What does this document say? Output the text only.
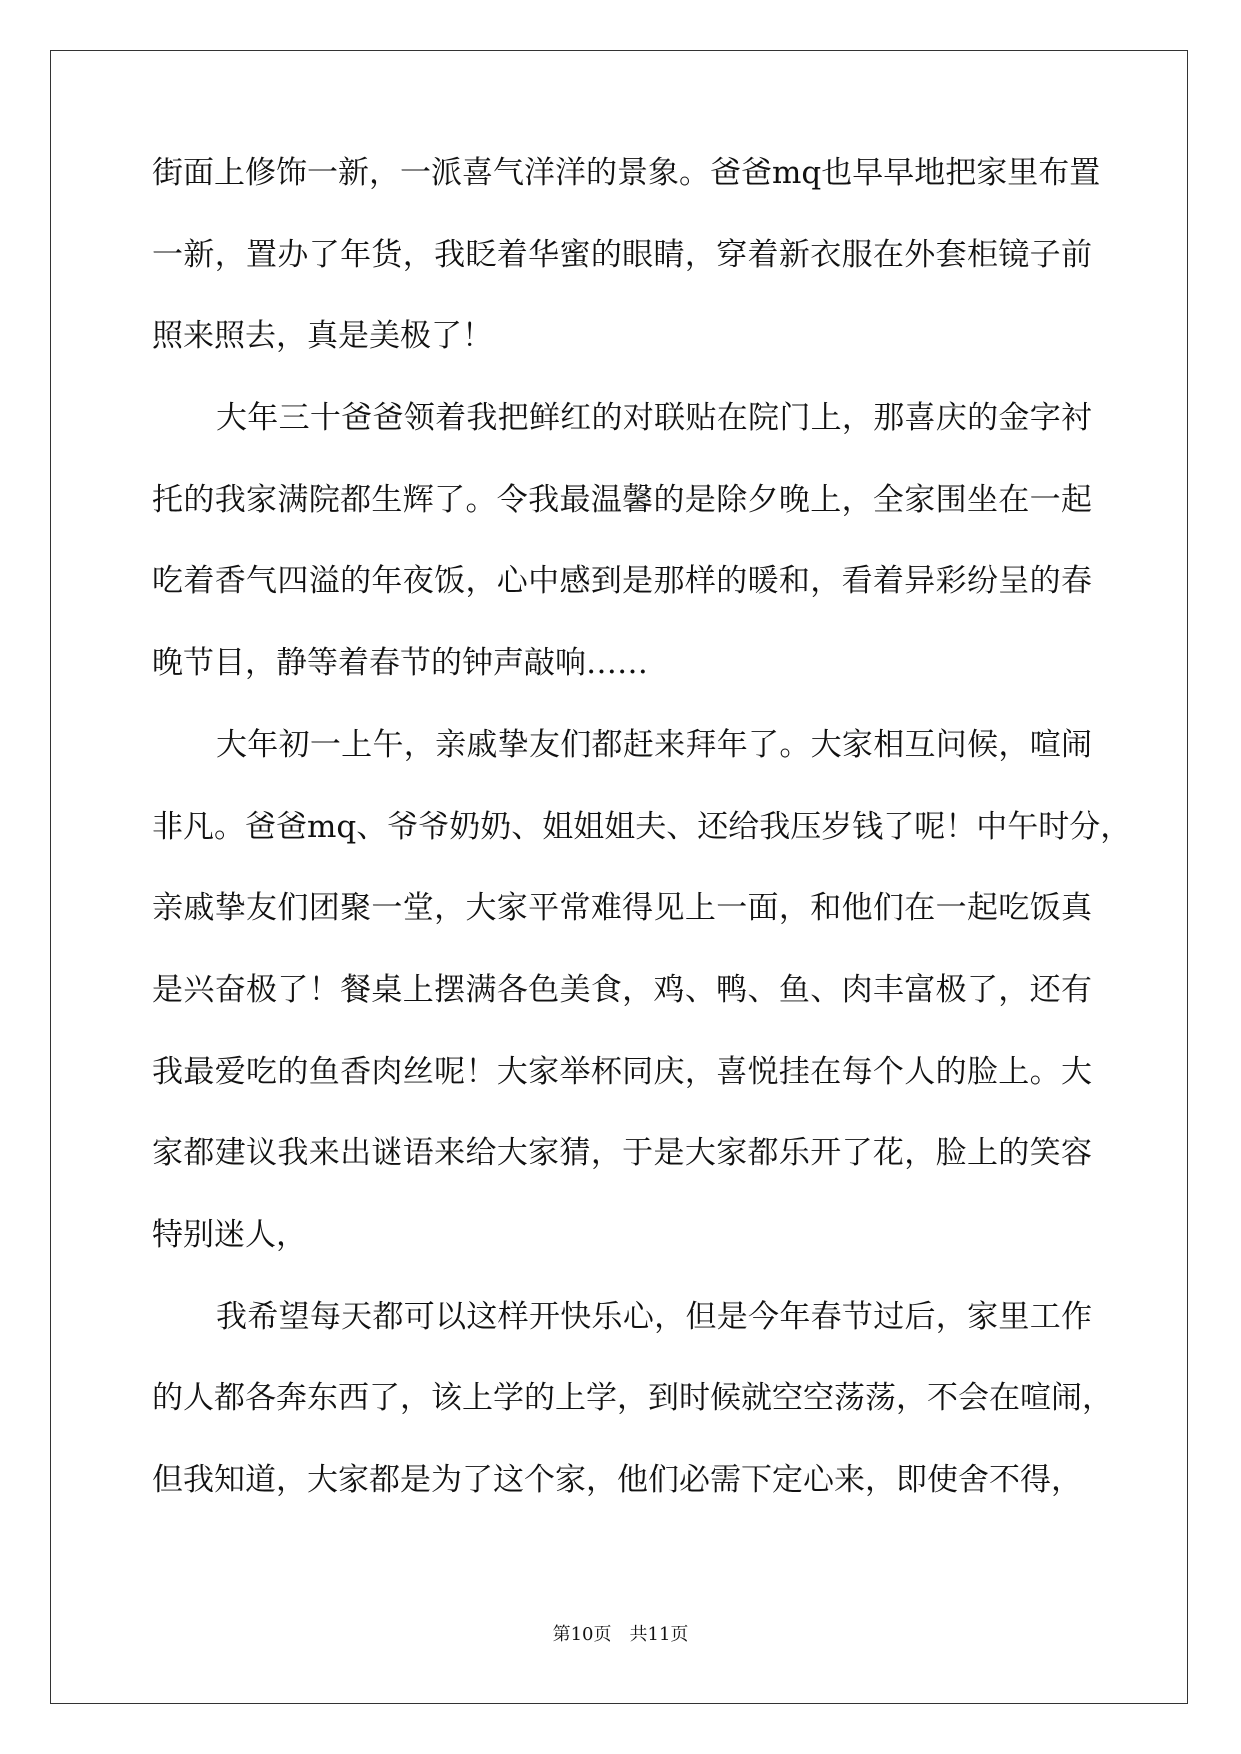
街面上修饰一新，一派喜气洋洋的景象。爸爸mq也早早地把家里布置
一新，置办了年货，我眨着华蜜的眼睛，穿着新衣服在外套柜镜子前
照来照去，真是美极了！
大年三十爸爸领着我把鲜红的对联贴在院门上，那喜庆的金字衬
托的我家满院都生辉了。令我最温馨的是除夕晚上，全家围坐在一起
吃着香气四溢的年夜饭，心中感到是那样的暖和，看着异彩纷呈的春
晚节目，静等着春节的钟声敲响……
大年初一上午，亲戚挚友们都赶来拜年了。大家相互问候，喧闹
非凡。爸爸mq、爷爷奶奶、姐姐姐夫、还给我压岁钱了呢！中午时分，
亲戚挚友们团聚一堂，大家平常难得见上一面，和他们在一起吃饭真
是兴奋极了！餐桌上摆满各色美食，鸡、鸭、鱼、肉丰富极了，还有
我最爱吃的鱼香肉丝呢！大家举杯同庆，喜悦挂在每个人的脸上。大
家都建议我来出谜语来给大家猜，于是大家都乐开了花，脸上的笑容
特别迷人，
我希望每天都可以这样开快乐心，但是今年春节过后，家里工作
的人都各奔东西了，该上学的上学，到时候就空空荡荡，不会在喧闹，
但我知道，大家都是为了这个家，他们必需下定心来，即使舍不得，
第10页　共11页
